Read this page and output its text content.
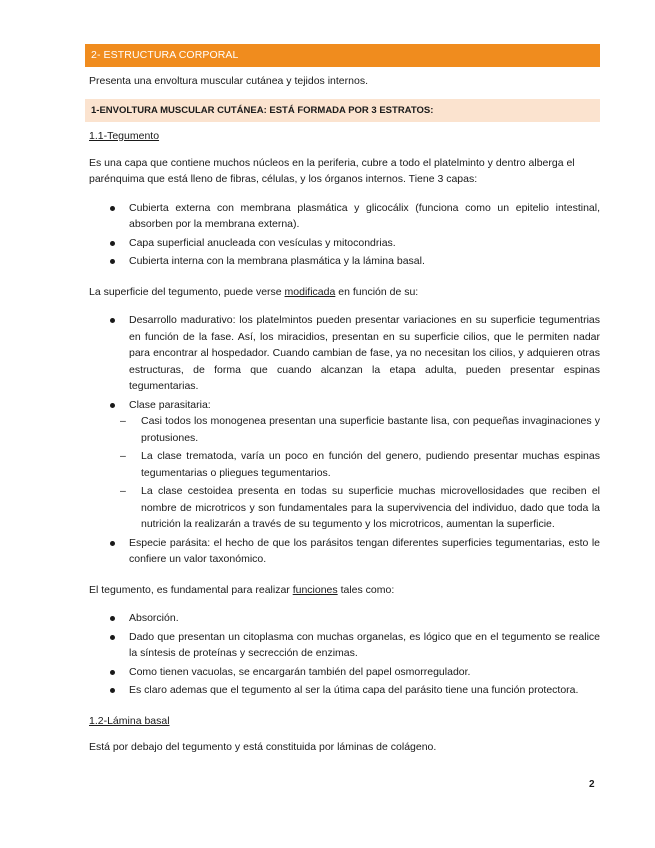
2- ESTRUCTURA CORPORAL
Presenta una envoltura muscular cutánea y tejidos internos.
1-ENVOLTURA MUSCULAR CUTÁNEA: ESTÁ FORMADA POR 3 ESTRATOS:

1.1-Tegumento

Es una capa que contiene muchos núcleos en la periferia, cubre a todo el platelminto y dentro alberga el parénquima que está lleno de fibras, células, y los órganos internos. Tiene 3 capas:

Cubierta externa con membrana plasmática y glicocálix (funciona como un epitelio intestinal, absorben por la membrana externa).
Capa superficial anucleada con vesículas y mitocondrias.
Cubierta interna con la membrana plasmática y la lámina basal.

La superficie del tegumento, puede verse modificada en función de su:

Desarrollo madurativo: los platelmintos pueden presentar variaciones en su superficie tegumentrias en función de la fase. Así, los miracidios, presentan en su superficie cilios, que le permiten nadar para encontrar al hospedador. Cuando cambian de fase, ya no necesitan los cilios, y adquieren otras estructuras, de forma que cuando alcanzan la etapa adulta, pueden presentar espinas tegumentarias.
Clase parasitaria:
– Casi todos los monogenea presentan una superficie bastante lisa, con pequeñas invaginaciones y protusiones.
– La clase trematoda, varía un poco en función del genero, pudiendo presentar muchas espinas tegumentarias o pliegues tegumentarios.
– La clase cestoidea presenta en todas su superficie muchas microvellosidades que reciben el nombre de microtricos y son fundamentales para la supervivencia del individuo, dado que toda la nutrición la realizarán a través de su tegumento y los microtricos, aumentan la superficie.
Especie parásita: el hecho de que los parásitos tengan diferentes superficies tegumentarias, esto le confiere un valor taxonómico.

El tegumento, es fundamental para realizar funciones tales como:

Absorción.
Dado que presentan un citoplasma con muchas organelas, es lógico que en el tegumento se realice la síntesis de proteínas y secrección de enzimas.
Como tienen vacuolas, se encargarán también del papel osmorregulador.
Es claro ademas que el tegumento al ser la útima capa del parásito tiene una función protectora.

1.2-Lámina basal

Está por debajo del tegumento y está constituida por láminas de colágeno.

2
